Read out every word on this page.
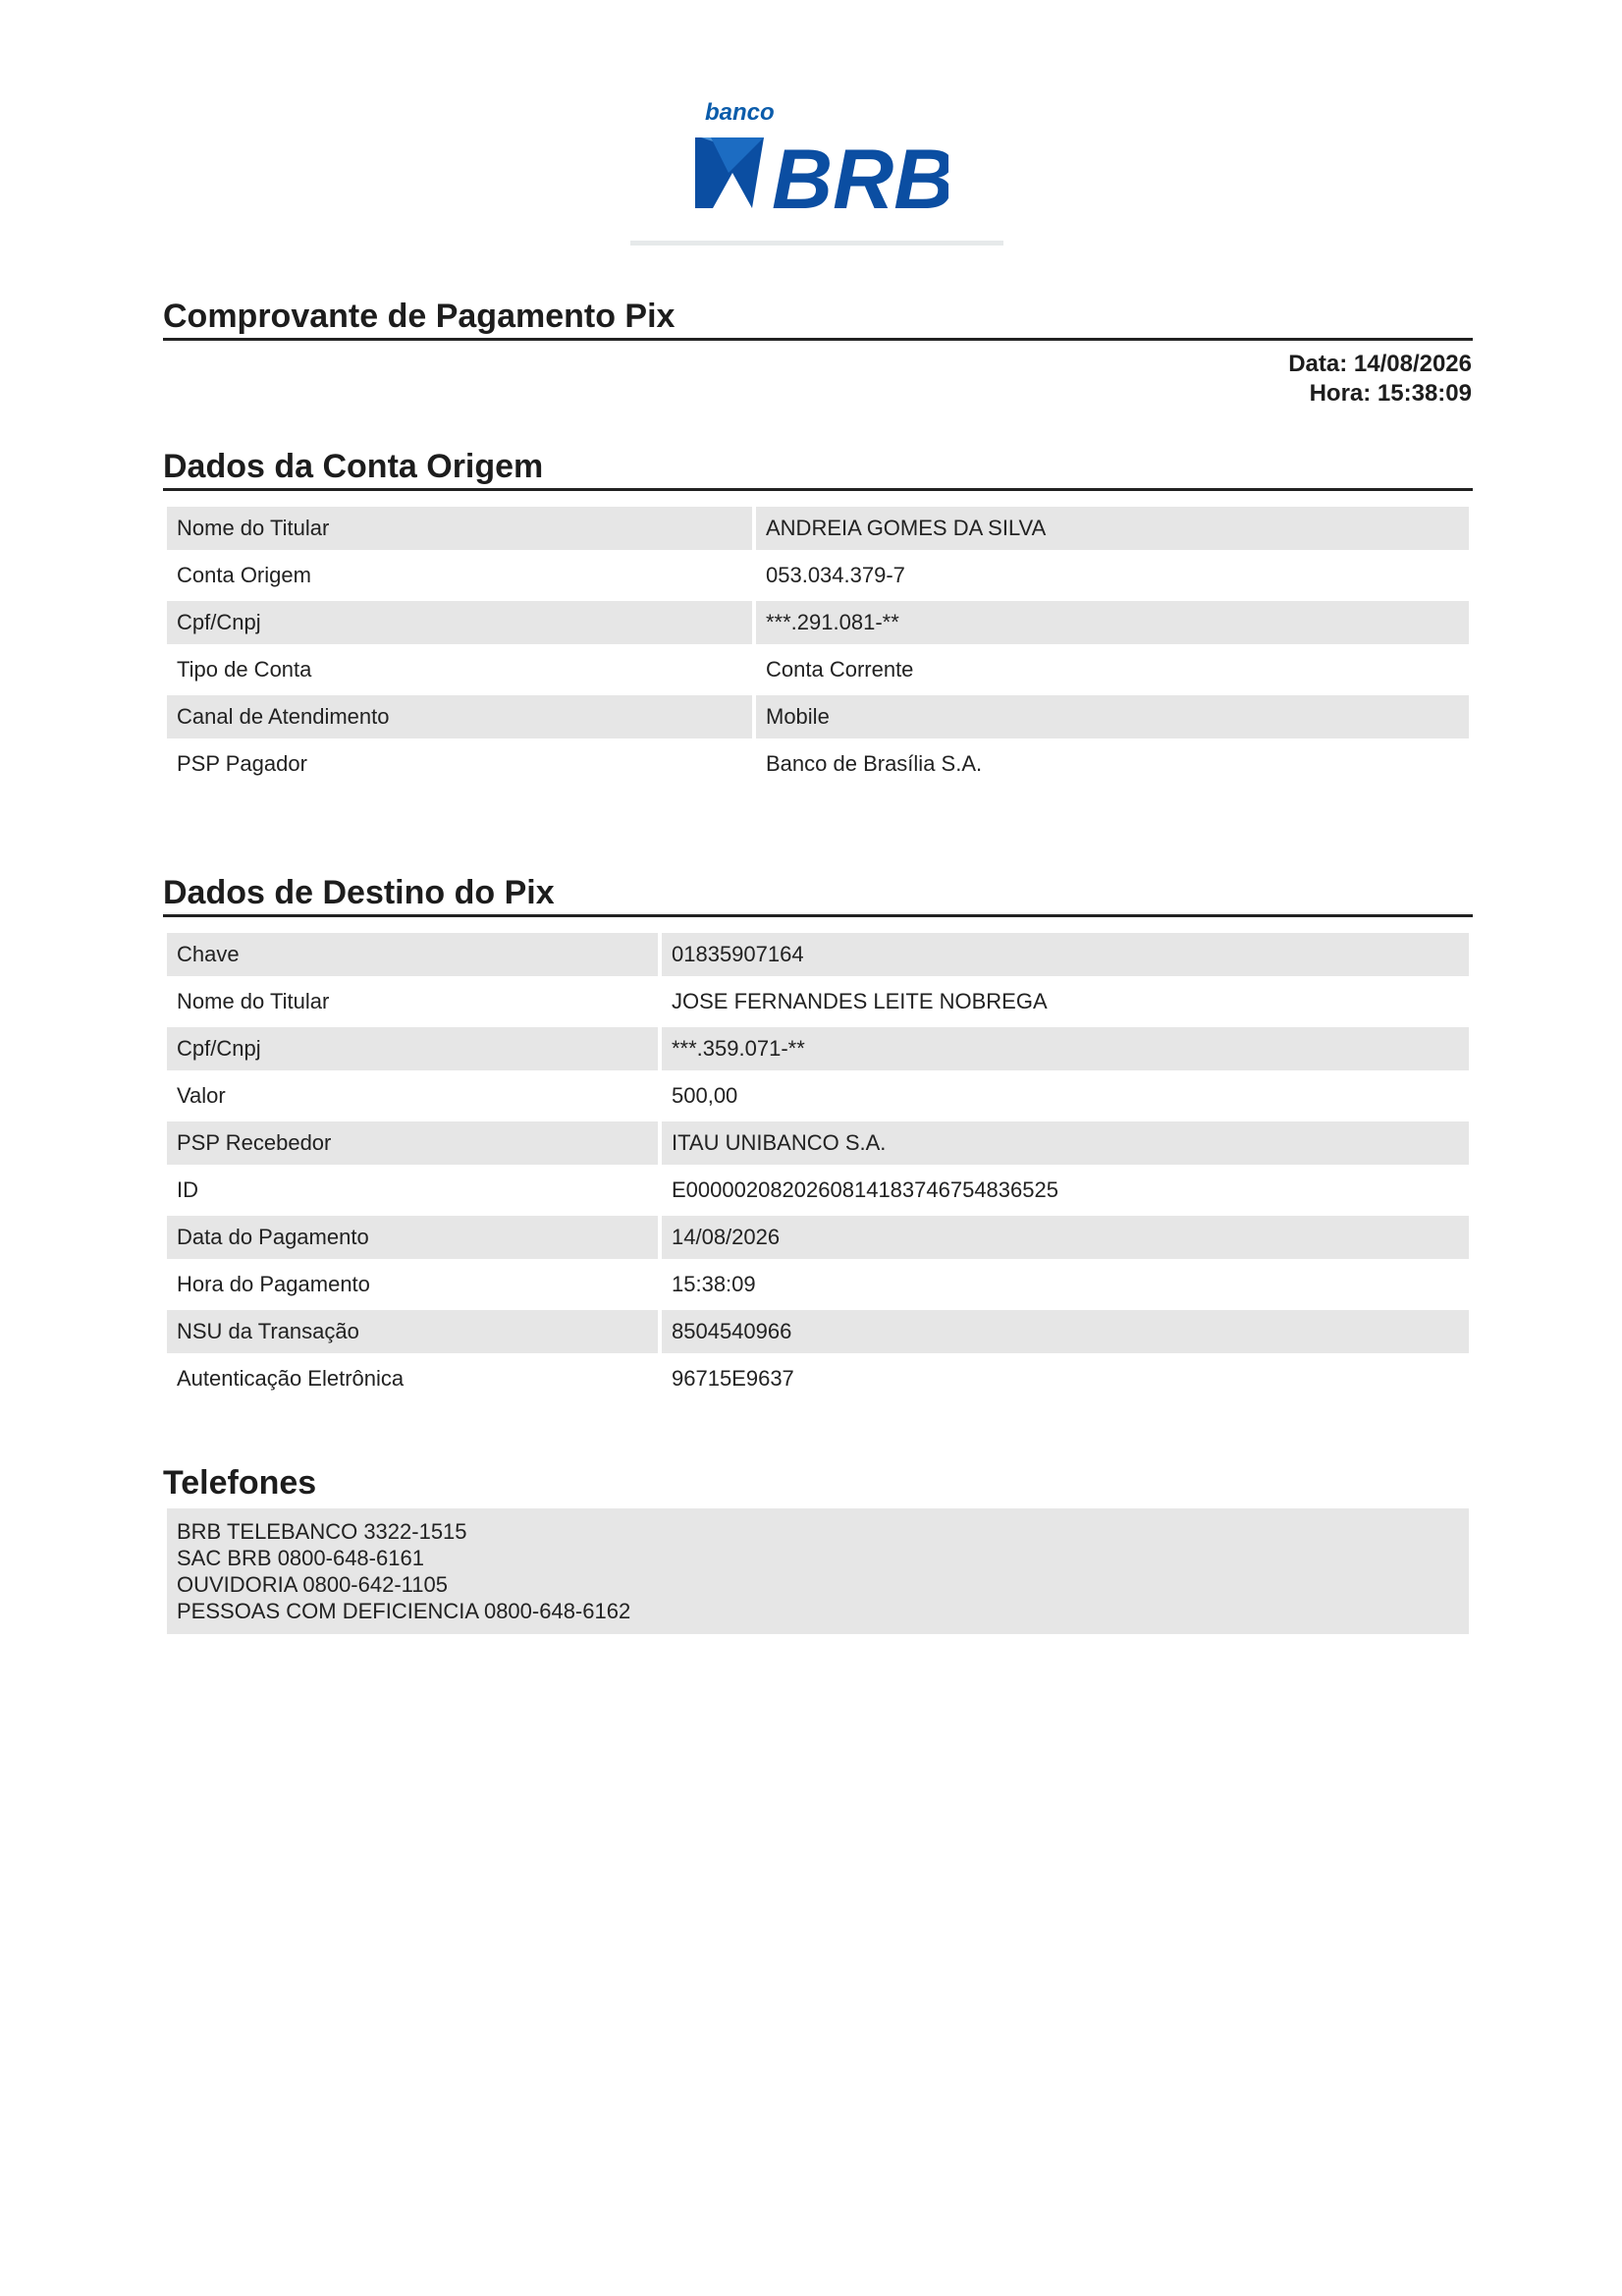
banco
BRB
Comprovante de Pagamento Pix
Data: 14/08/2026
Hora: 15:38:09
Dados da Conta Origem
Nome do Titular	ANDREIA GOMES DA SILVA
Conta Origem	053.034.379-7
Cpf/Cnpj	***.291.081-**
Tipo de Conta	Conta Corrente
Canal de Atendimento	Mobile
PSP Pagador	Banco de Brasília S.A.
Dados de Destino do Pix
Chave	01835907164
Nome do Titular	JOSE FERNANDES LEITE NOBREGA
Cpf/Cnpj	***.359.071-**
Valor	500,00
PSP Recebedor	ITAU UNIBANCO S.A.
ID	E00000208202608141837467548365​25
Data do Pagamento	14/08/2026
Hora do Pagamento	15:38:09
NSU da Transação	8504540966
Autenticação Eletrônica	96715E9637
Telefones
BRB TELEBANCO 3322-1515
SAC BRB 0800-648-6161
OUVIDORIA 0800-642-1105
PESSOAS COM DEFICIENCIA 0800-648-6162
